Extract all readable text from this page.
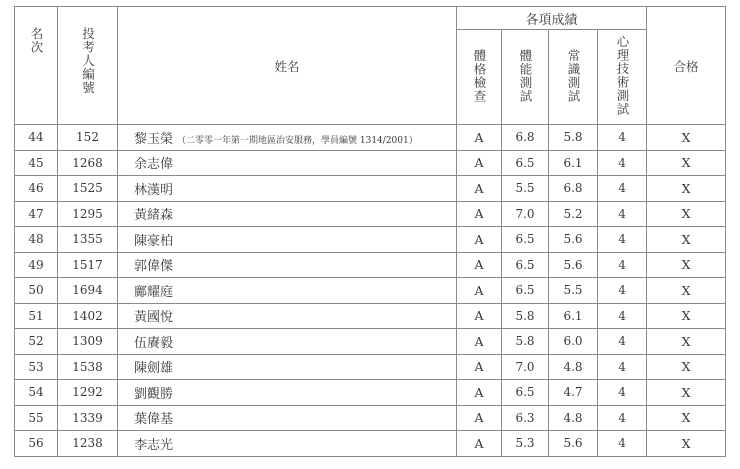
名次	投考人編號	姓名	各項成績				合格
			體格檢查	體能測試	常識測試	心理技術測試	
44	152	黎玉榮 （二零零一年第一期地區治安服務，學員編號 1314/2001）	A	6.8	5.8	4	X
45	1268	余志偉	A	6.5	6.1	4	X
46	1525	林漢明	A	5.5	6.8	4	X
47	1295	黃緒森	A	7.0	5.2	4	X
48	1355	陳豪柏	A	6.5	5.6	4	X
49	1517	郭偉傑	A	6.5	5.6	4	X
50	1694	鄺耀庭	A	6.5	5.5	4	X
51	1402	黃國悅	A	5.8	6.1	4	X
52	1309	伍賡毅	A	5.8	6.0	4	X
53	1538	陳劍雄	A	7.0	4.8	4	X
54	1292	劉觀勝	A	6.5	4.7	4	X
55	1339	葉偉基	A	6.3	4.8	4	X
56	1238	李志光	A	5.3	5.6	4	X
